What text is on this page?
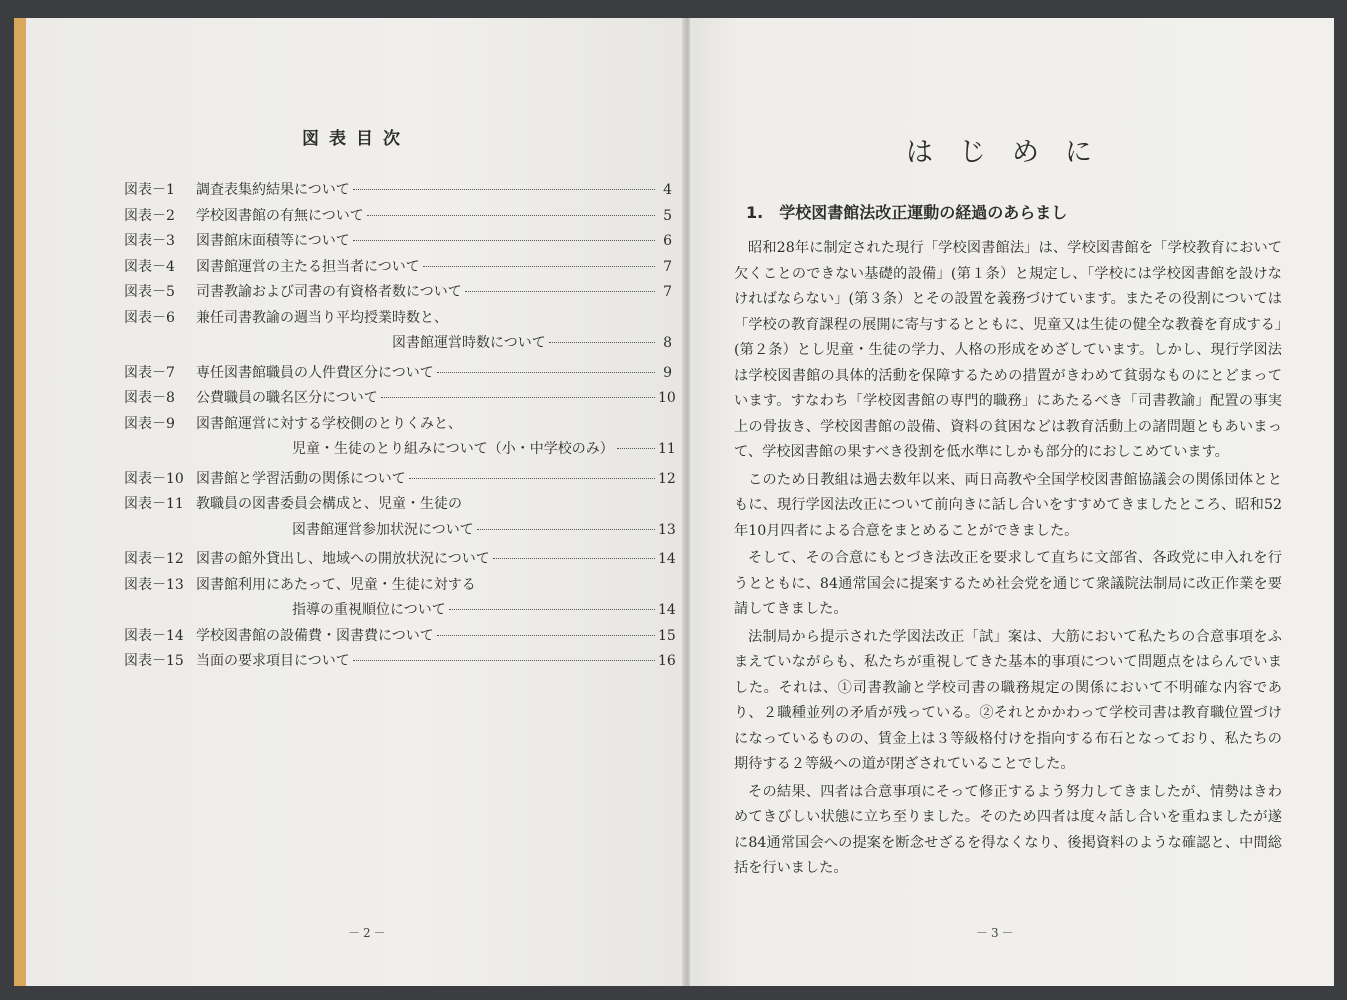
図表目次
図表－1	調査表集約結果について	4
図表－2	学校図書館の有無について	5
図表－3	図書館床面積等について	6
図表－4	図書館運営の主たる担当者について	7
図表－5	司書教諭および司書の有資格者数について	7
図表－6	兼任司書教諭の週当り平均授業時数と、
図書館運営時数について	8
図表－7	専任図書館職員の人件費区分について	9
図表－8	公費職員の職名区分について	10
図表－9	図書館運営に対する学校側のとりくみと、
児童・生徒のとり組みについて（小・中学校のみ）	11
図表－10 図書館と学習活動の関係について	12
図表－11 教職員の図書委員会構成と、児童・生徒の
図書館運営参加状況について	13
図表－12 図書の館外貸出し、地域への開放状況について	14
図表－13 図書館利用にあたって、児童・生徒に対する
指導の重視順位について	14
図表－14 学校図書館の設備費・図書費について	15
図表－15 当面の要求項目について	16
－2－
はじめに
1.　学校図書館法改正運動の経過のあらまし

昭和28年に制定された現行「学校図書館法」は、学校図書館を「学校教育において欠くことのできない基礎的設備」(第１条）と規定し、「学校には学校図書館を設けなければならない」(第３条）とその設置を義務づけています。またその役割については「学校の教育課程の展開に寄与するとともに、児童又は生徒の健全な教養を育成する」(第２条）とし児童・生徒の学力、人格の形成をめざしています。しかし、現行学図法は学校図書館の具体的活動を保障するための措置がきわめて貧弱なものにとどまっています。すなわち「学校図書館の専門的職務」にあたるべき「司書教諭」配置の事実上の骨抜き、学校図書館の設備、資料の貧困などは教育活動上の諸問題ともあいまって、学校図書館の果すべき役割を低水準にしかも部分的におしこめています。

このため日教組は過去数年以来、両日高教や全国学校図書館協議会の関係団体とともに、現行学図法改正について前向きに話し合いをすすめてきましたところ、昭和52年10月四者による合意をまとめることができました。

そして、その合意にもとづき法改正を要求して直ちに文部省、各政党に申入れを行うとともに、84通常国会に提案するため社会党を通じて衆議院法制局に改正作業を要請してきました。

法制局から提示された学図法改正「試」案は、大筋において私たちの合意事項をふまえていながらも、私たちが重視してきた基本的事項について問題点をはらんでいました。それは、①司書教諭と学校司書の職務規定の関係において不明確な内容であり、２職種並列の矛盾が残っている。②それとかかわって学校司書は教育職位置づけになっているものの、賃金上は３等級格付けを指向する布石となっており、私たちの期待する２等級への道が閉ざされていることでした。

その結果、四者は合意事項にそって修正するよう努力してきましたが、情勢はきわめてきびしい状態に立ち至りました。そのため四者は度々話し合いを重ねましたが遂に84通常国会への提案を断念せざるを得なくなり、後掲資料のような確認と、中間総括を行いました。

－3－
